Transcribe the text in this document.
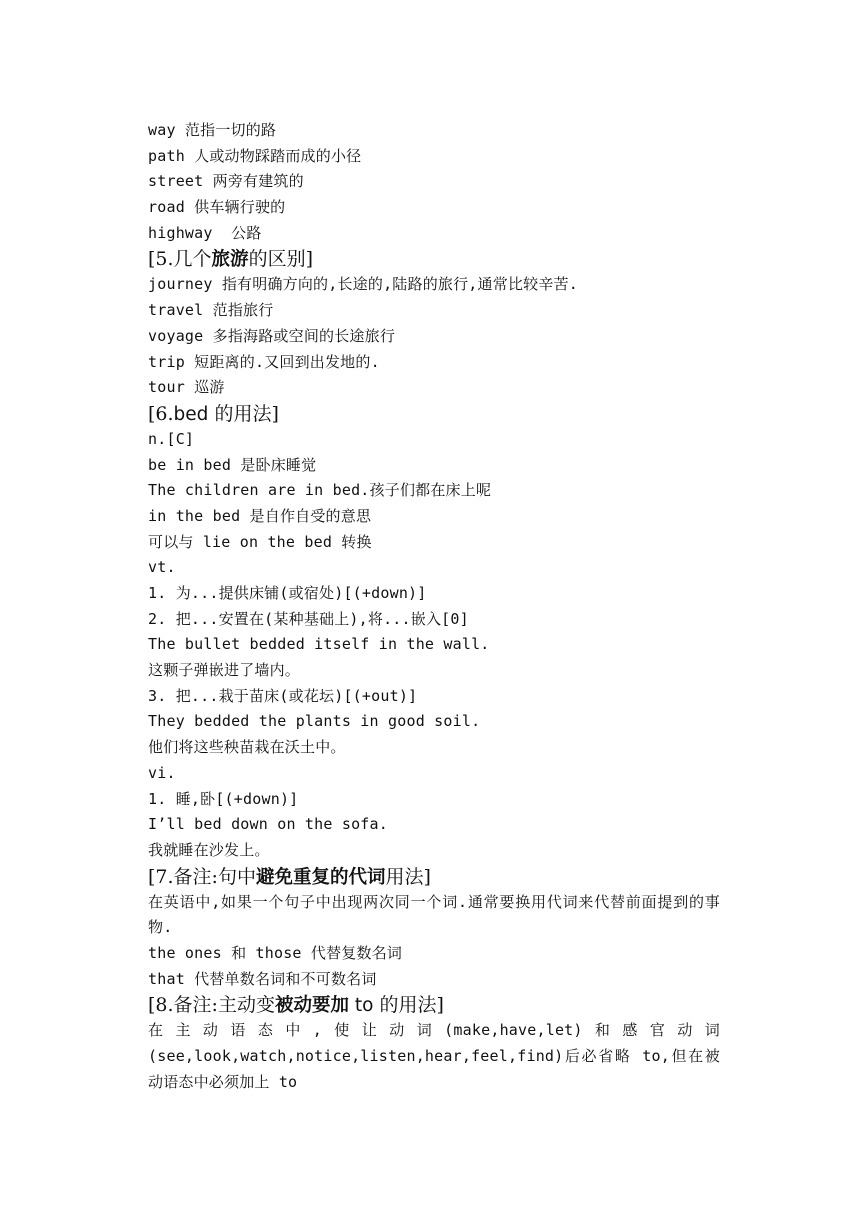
way 范指一切的路
path 人或动物踩踏而成的小径
street 两旁有建筑的
road 供车辆行驶的
highway  公路
[5.几个旅游的区别]
journey 指有明确方向的,长途的,陆路的旅行,通常比较辛苦.
travel 范指旅行
voyage 多指海路或空间的长途旅行
trip 短距离的.又回到出发地的.
tour 巡游
[6.bed 的用法]
n.[C]
be in bed 是卧床睡觉
The children are in bed.孩子们都在床上呢
in the bed 是自作自受的意思
可以与 lie on the bed 转换
vt.
1. 为...提供床铺(或宿处)[(+down)]
2. 把...安置在(某种基础上),将...嵌入[0]
The bullet bedded itself in the wall.
这颗子弹嵌进了墙内。
3. 把...栽于苗床(或花坛)[(+out)]
They bedded the plants in good soil.
他们将这些秧苗栽在沃土中。
vi.
1. 睡,卧[(+down)]
I’ll bed down on the sofa.
我就睡在沙发上。
[7.备注:句中避免重复的代词用法]
在英语中,如果一个句子中出现两次同一个词.通常要换用代词来代替前面提到的事物.
the ones 和 those 代替复数名词
that 代替单数名词和不可数名词
[8.备注:主动变被动要加 to 的用法]
在主动语态中,使让动词(make,have,let)和感官动词(see,look,watch,notice,listen,hear,feel,find)后必省略 to,但在被动语态中必须加上 to
